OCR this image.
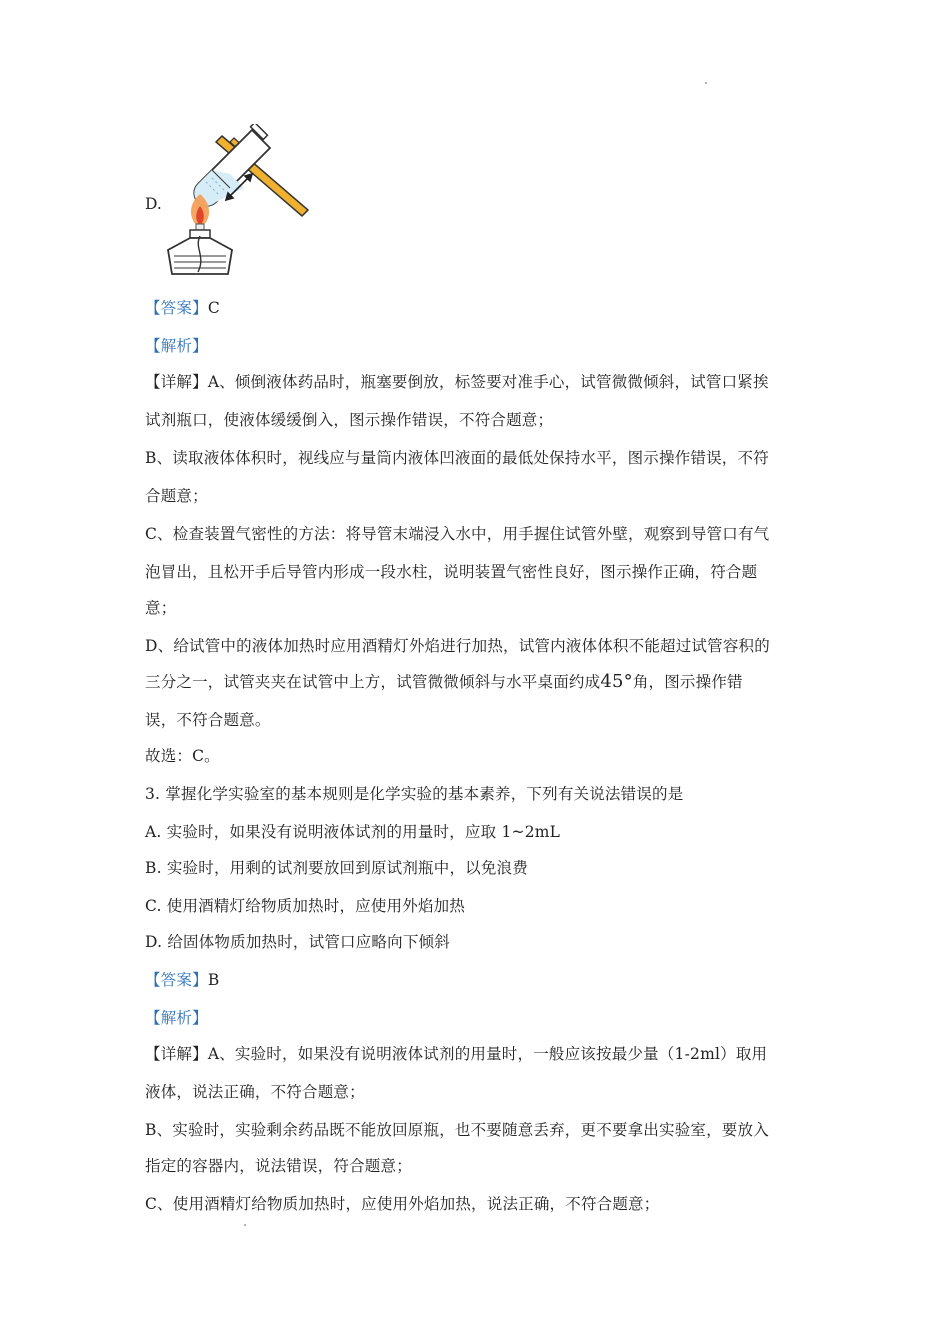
D.
【答案】C
【解析】
【详解】A、倾倒液体药品时，瓶塞要倒放，标签要对准手心，试管微微倾斜，试管口紧挨
试剂瓶口，使液体缓缓倒入，图示操作错误，不符合题意；
B、读取液体体积时，视线应与量筒内液体凹液面的最低处保持水平，图示操作错误，不符
合题意；
C、检查装置气密性的方法：将导管末端浸入水中，用手握住试管外壁，观察到导管口有气
泡冒出，且松开手后导管内形成一段水柱，说明装置气密性良好，图示操作正确，符合题
意；
D、给试管中的液体加热时应用酒精灯外焰进行加热，试管内液体体积不能超过试管容积的
三分之一，试管夹夹在试管中上方，试管微微倾斜与水平桌面约成45°角，图示操作错
误，不符合题意。
故选：C。
3. 掌握化学实验室的基本规则是化学实验的基本素养，下列有关说法错误的是
A. 实验时，如果没有说明液体试剂的用量时，应取 1~2mL
B. 实验时，用剩的试剂要放回到原试剂瓶中，以免浪费
C. 使用酒精灯给物质加热时，应使用外焰加热
D. 给固体物质加热时，试管口应略向下倾斜
【答案】B
【解析】
【详解】A、实验时，如果没有说明液体试剂的用量时，一般应该按最少量（1-2ml）取用
液体，说法正确，不符合题意；
B、实验时，实验剩余药品既不能放回原瓶，也不要随意丢弃，更不要拿出实验室，要放入
指定的容器内，说法错误，符合题意；
C、使用酒精灯给物质加热时，应使用外焰加热，说法正确，不符合题意；
